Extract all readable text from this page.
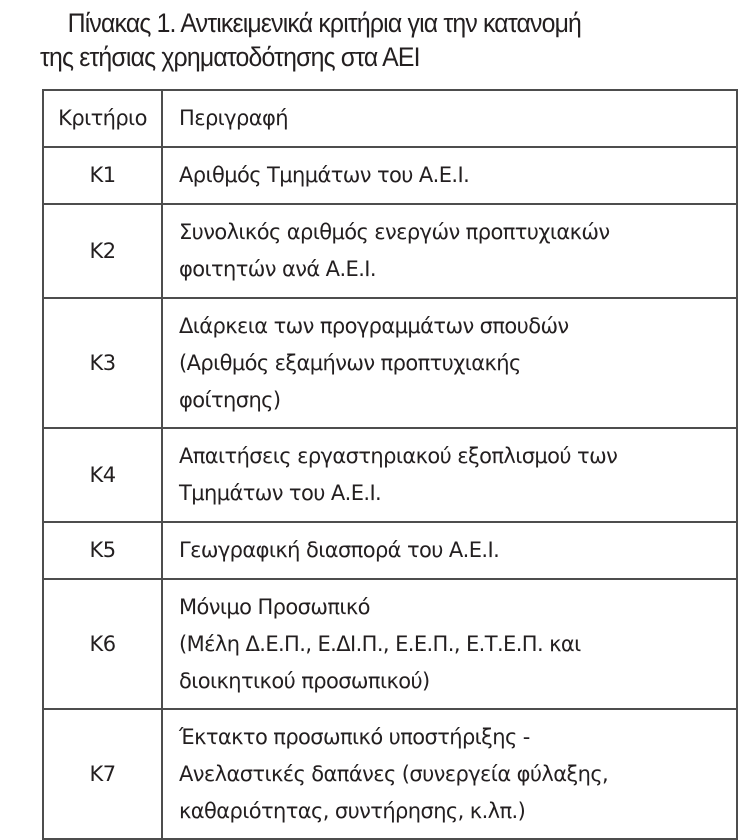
Πίνακας 1. Αντικειμενικά κριτήρια για την κατανομή
της ετήσιας χρηματοδότησης στα ΑΕΙ

Κριτήριο	Περιγραφή
K1	Αριθμός Τμημάτων του Α.Ε.Ι.

K2	Συνολικός αριθμός ενεργών προπτυχιακών
φοιτητών ανά Α.Ε.Ι.

K3	Διάρκεια των προγραμμάτων σπουδών
(Αριθμός εξαμήνων προπτυχιακής
φοίτησης)

K4	Απαιτήσεις εργαστηριακού εξοπλισμού των
Τμημάτων του Α.Ε.Ι.

K5	Γεωγραφική διασπορά του Α.Ε.Ι.

K6	Μόνιμο Προσωπικό
(Μέλη Δ.Ε.Π., Ε.ΔΙ.Π., Ε.Ε.Π., Ε.Τ.Ε.Π. και
διοικητικού προσωπικού)

K7	Έκτακτο προσωπικό υποστήριξης -
Ανελαστικές δαπάνες (συνεργεία φύλαξης,
καθαριότητας, συντήρησης, κ.λπ.)
